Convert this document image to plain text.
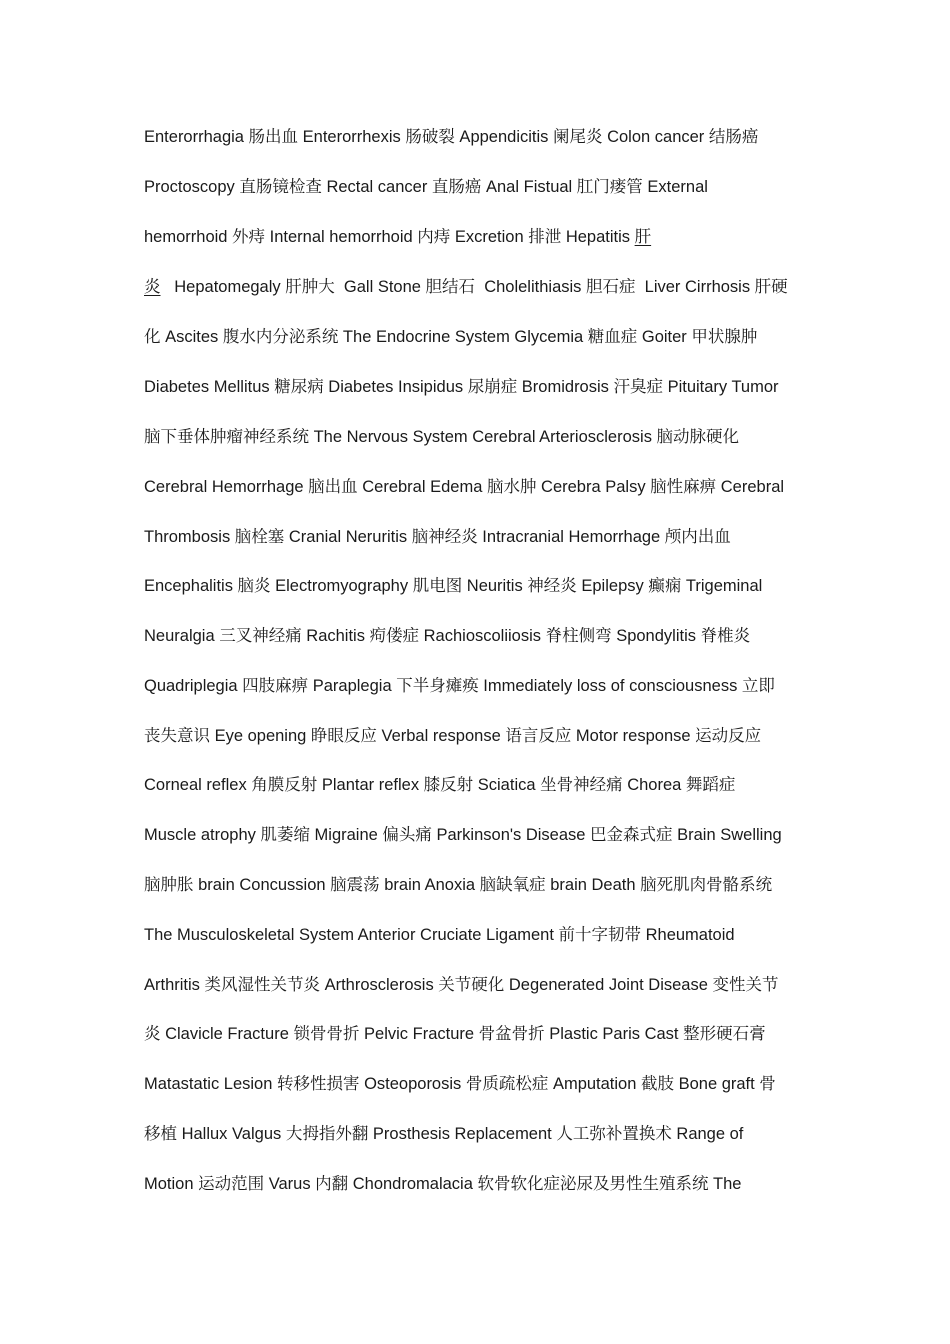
Enterorrhagia 肠出血 Enterorrhexis 肠破裂 Appendicitis 阑尾炎 Colon cancer 结肠癌
Proctoscopy 直肠镜检查 Rectal cancer 直肠癌 Anal Fistual 肛门瘘管 External
hemorrhoid 外痔 Internal hemorrhoid 内痔 Excretion 排泄 Hepatitis 肝
炎   Hepatomegaly 肝肿大  Gall Stone 胆结石  Cholelithiasis 胆石症  Liver Cirrhosis 肝硬
化 Ascites 腹水内分泌系统 The Endocrine System Glycemia 糖血症 Goiter 甲状腺肿
Diabetes Mellitus 糖尿病 Diabetes Insipidus 尿崩症 Bromidrosis 汗臭症 Pituitary Tumor
脑下垂体肿瘤神经系统 The Nervous System Cerebral Arteriosclerosis 脑动脉硬化
Cerebral Hemorrhage 脑出血 Cerebral Edema 脑水肿 Cerebra Palsy 脑性麻痹 Cerebral
Thrombosis 脑栓塞 Cranial Neruritis 脑神经炎 Intracranial Hemorrhage 颅内出血
Encephalitis 脑炎 Electromyography 肌电图 Neuritis 神经炎 Epilepsy 癫痫 Trigeminal
Neuralgia 三叉神经痛 Rachitis 痀偻症 Rachioscoliiosis 脊柱侧弯 Spondylitis 脊椎炎
Quadriplegia 四肢麻痹 Paraplegia 下半身瘫痪 Immediately loss of consciousness 立即
丧失意识 Eye opening 睁眼反应 Verbal response 语言反应 Motor response 运动反应
Corneal reflex 角膜反射 Plantar reflex 膝反射 Sciatica 坐骨神经痛 Chorea 舞蹈症
Muscle atrophy 肌萎缩 Migraine 偏头痛 Parkinson's Disease 巴金森式症 Brain Swelling
脑肿胀 brain Concussion 脑震荡 brain Anoxia 脑缺氧症 brain Death 脑死肌肉骨骼系统
The Musculoskeletal System Anterior Cruciate Ligament 前十字韧带 Rheumatoid
Arthritis 类风湿性关节炎 Arthrosclerosis 关节硬化 Degenerated Joint Disease 变性关节
炎 Clavicle Fracture 锁骨骨折 Pelvic Fracture 骨盆骨折 Plastic Paris Cast 整形硬石膏
Matastatic Lesion 转移性损害 Osteoporosis 骨质疏松症 Amputation 截肢 Bone graft 骨
移植 Hallux Valgus 大拇指外翻 Prosthesis Replacement 人工弥补置换术 Range of
Motion 运动范围 Varus 内翻 Chondromalacia 软骨软化症泌尿及男性生殖系统 The
